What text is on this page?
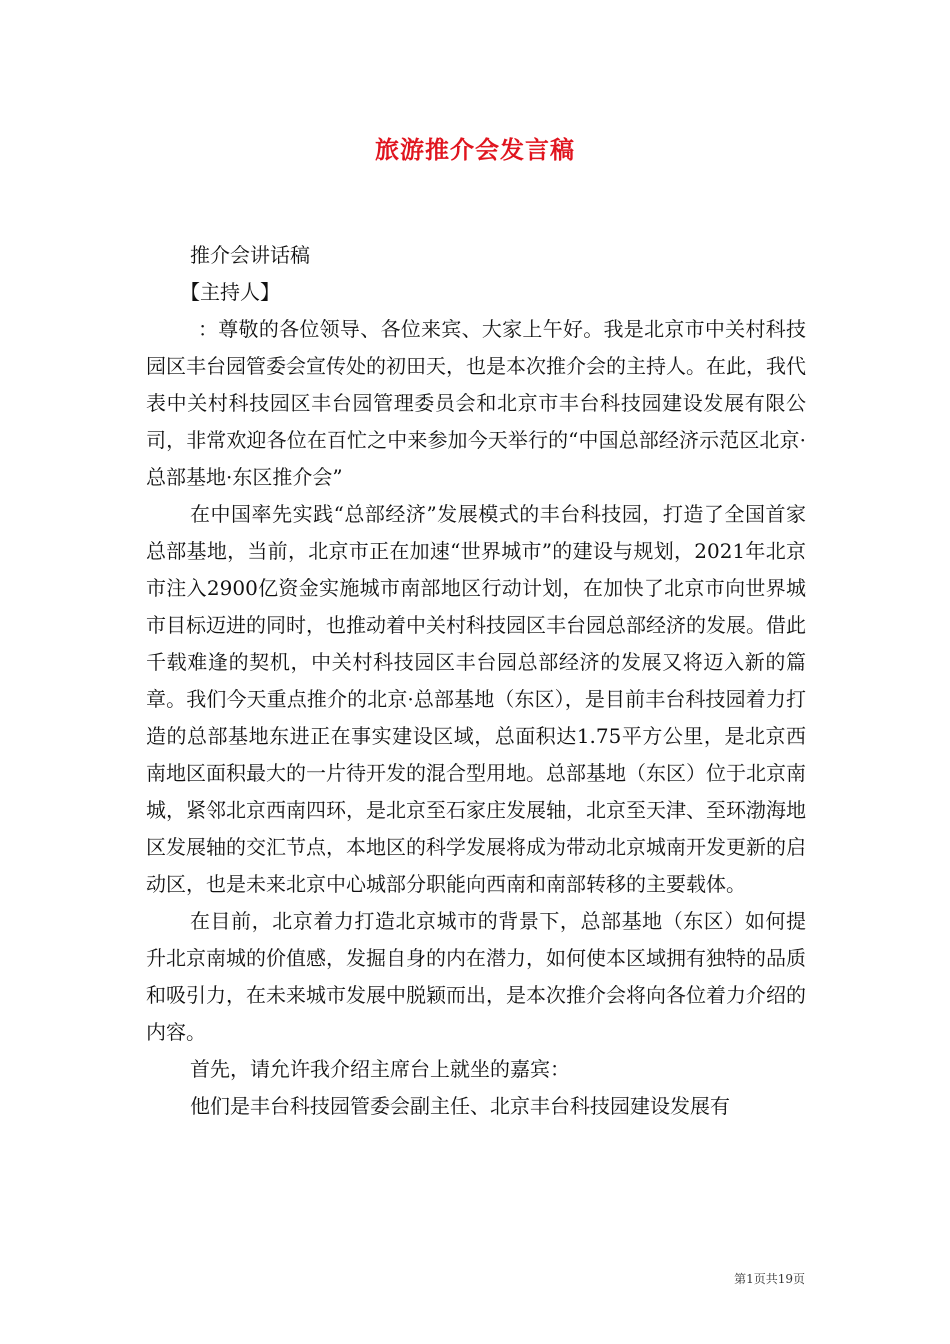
旅游推介会发言稿

推介会讲话稿

【主持人】

：尊敬的各位领导、各位来宾、大家上午好。我是北京市中关村科技园区丰台园管委会宣传处的初田天，也是本次推介会的主持人。在此，我代表中关村科技园区丰台园管理委员会和北京市丰台科技园建设发展有限公司，非常欢迎各位在百忙之中来参加今天举行的“中国总部经济示范区北京·总部基地·东区推介会”

在中国率先实践“总部经济”发展模式的丰台科技园，打造了全国首家总部基地，当前，北京市正在加速“世界城市”的建设与规划，2021年北京市注入2900亿资金实施城市南部地区行动计划，在加快了北京市向世界城市目标迈进的同时，也推动着中关村科技园区丰台园总部经济的发展。借此千载难逢的契机，中关村科技园区丰台园总部经济的发展又将迈入新的篇章。我们今天重点推介的北京·总部基地（东区），是目前丰台科技园着力打造的总部基地东进正在事实建设区域，总面积达1.75平方公里，是北京西南地区面积最大的一片待开发的混合型用地。总部基地（东区）位于北京南城，紧邻北京西南四环，是北京至石家庄发展轴，北京至天津、至环渤海地区发展轴的交汇节点，本地区的科学发展将成为带动北京城南开发更新的启动区，也是未来北京中心城部分职能向西南和南部转移的主要载体。

在目前，北京着力打造北京城市的背景下，总部基地（东区）如何提升北京南城的价值感，发掘自身的内在潜力，如何使本区域拥有独特的品质和吸引力，在未来城市发展中脱颖而出，是本次推介会将向各位着力介绍的内容。

首先，请允许我介绍主席台上就坐的嘉宾：

他们是丰台科技园管委会副主任、北京丰台科技园建设发展有

第1页共19页
